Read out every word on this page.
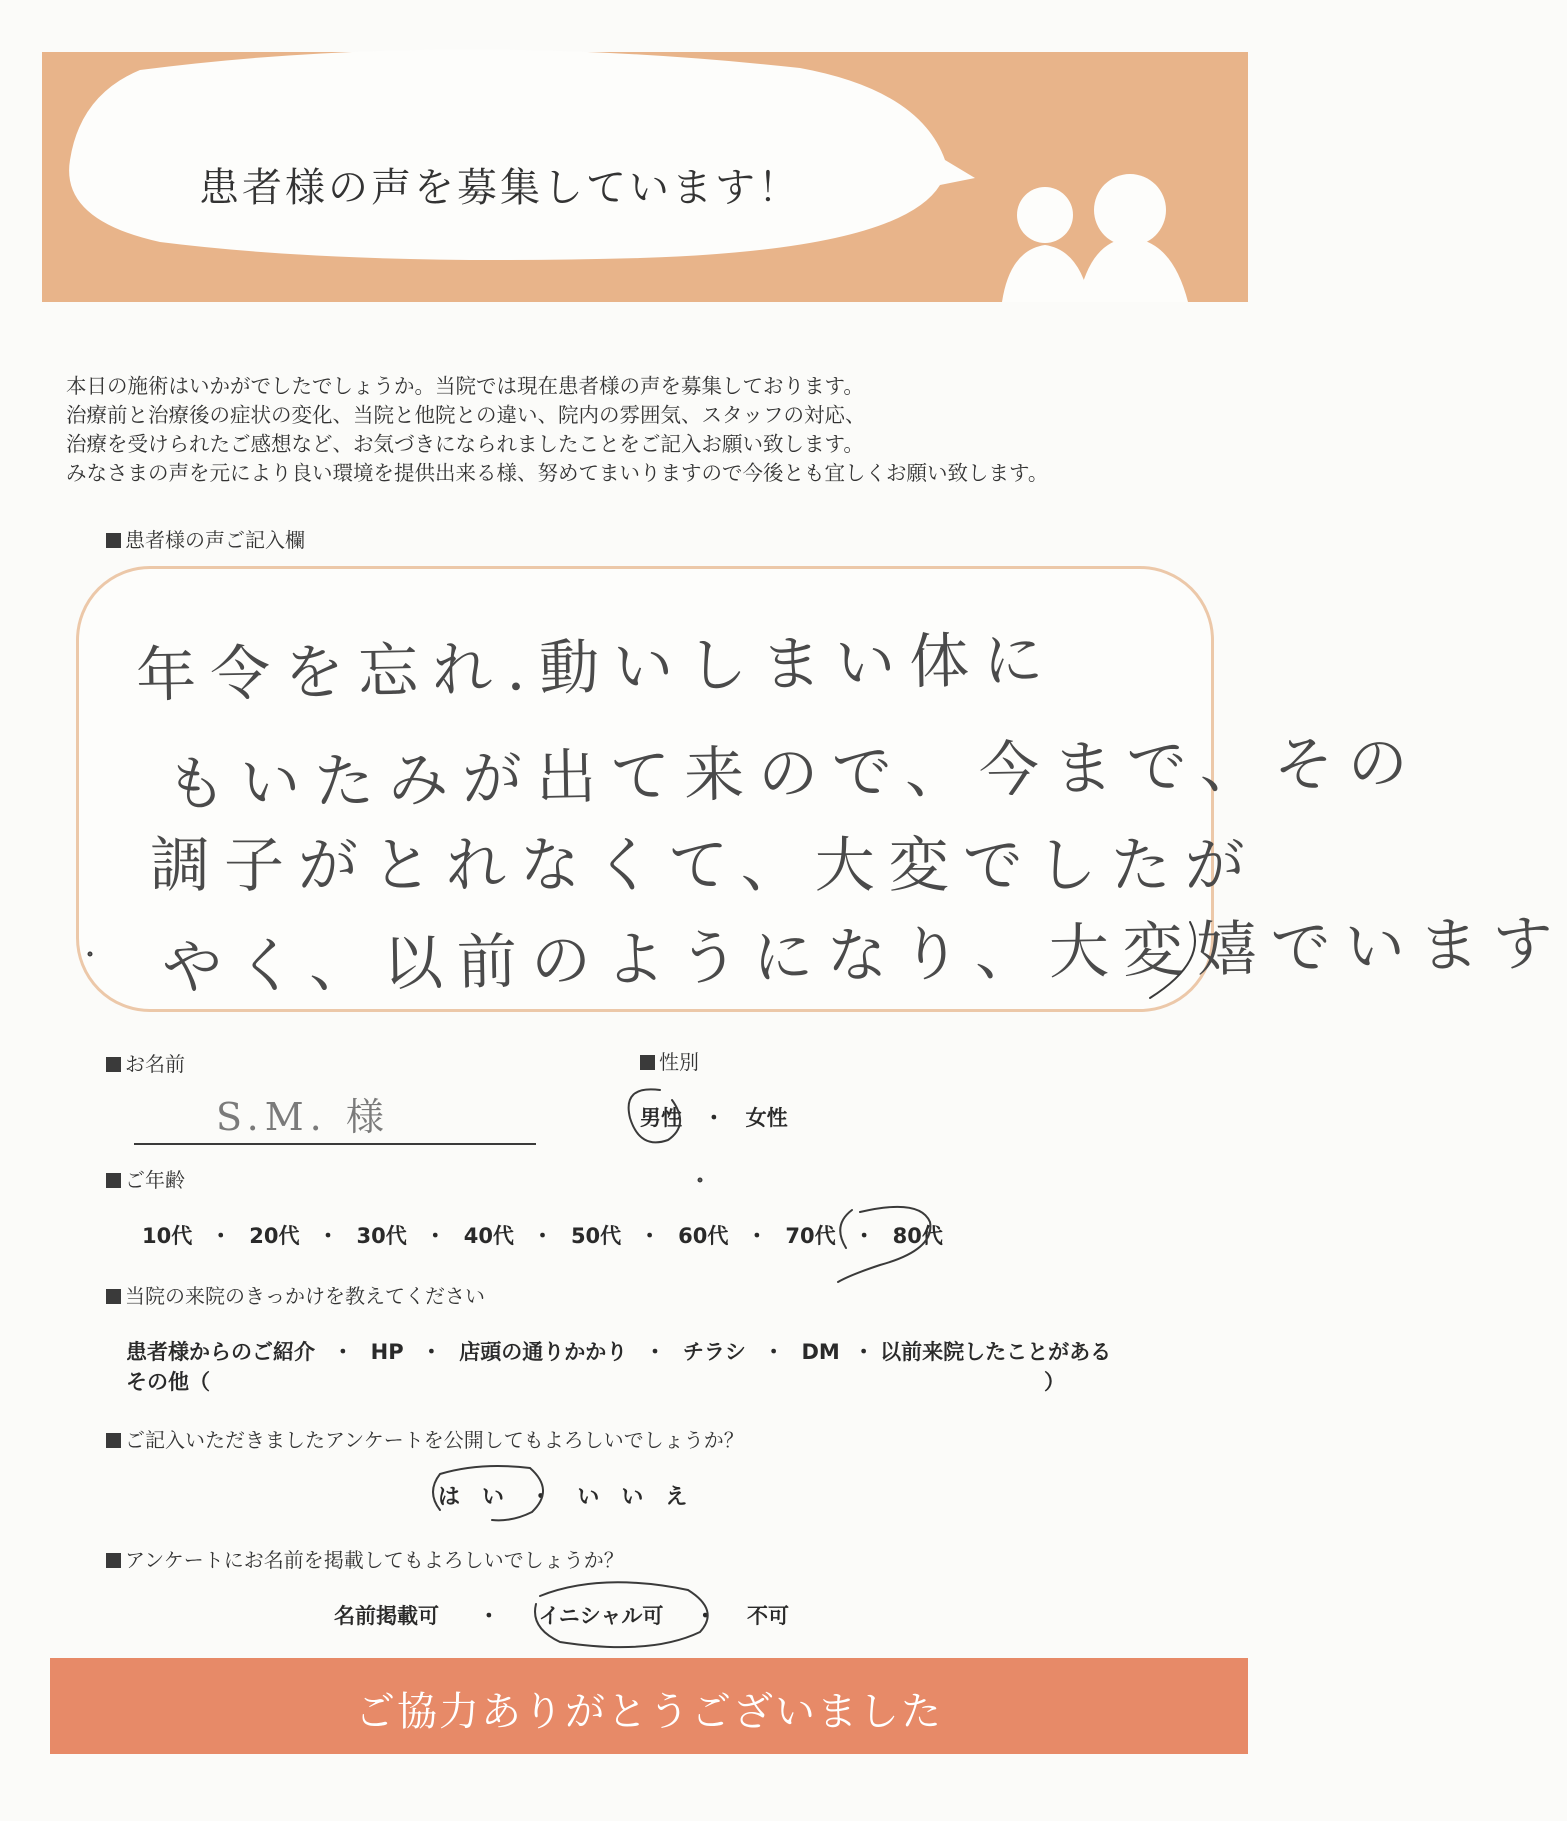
患者様の声を募集しています！
本日の施術はいかがでしたでしょうか。当院では現在患者様の声を募集しております。
治療前と治療後の症状の変化、当院と他院との違い、院内の雰囲気、スタッフの対応、
治療を受けられたご感想など、お気づきになられましたことをご記入お願い致します。
みなさまの声を元により良い環境を提供出来る様、努めてまいりますので今後とも宜しくお願い致します。
患者様の声ご記入欄
年令を忘れ.動いしまい体に
もいたみが出て来ので、今まで、その
調子がとれなくて、大変でしたが
やく、以前のようになり、大変嬉でいます
お名前
S.M. 様
性別
男性 ・ 女性
ご年齢
10代 ・ 20代 ・ 30代 ・ 40代 ・ 50代 ・ 60代 ・ 70代 ・ 80代
当院の来院のきっかけを教えてください
患者様からのご紹介 ・ HP ・ 店頭の通りかかり ・ チラシ ・ DM ・ 以前来院したことがある
その他（	）
ご記入いただきましたアンケートを公開してもよろしいでしょうか？
は　い ・ い　い　え
アンケートにお名前を掲載してもよろしいでしょうか？
名前掲載可 ・ イニシャル可 ・ 不可
ご協力ありがとうございました
